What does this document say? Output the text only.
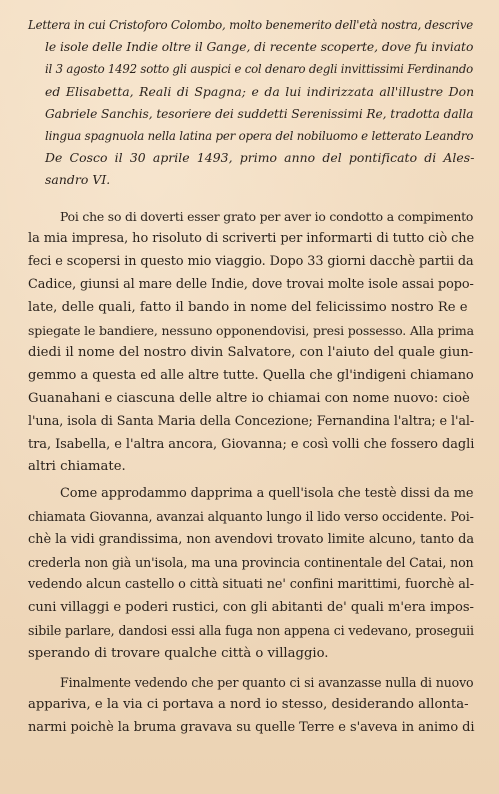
Lettera in cui Cristoforo Colombo, molto benemerito dell'età nostra, descrive
le isole delle Indie oltre il Gange, di recente scoperte, dove fu inviato
il 3 agosto 1492 sotto gli auspici e col denaro degli invittissimi Ferdinando
ed Elisabetta, Reali di Spagna; e da lui indirizzata all'illustre Don
Gabriele Sanchis, tesoriere dei suddetti Serenissimi Re, tradotta dalla
lingua spagnuola nella latina per opera del nobiluomo e letterato Leandro
De Cosco il 30 aprile 1493, primo anno del pontificato di Ales-
sandro VI.

Poi che so di doverti esser grato per aver io condotto a compimento
la mia impresa, ho risoluto di scriverti per informarti di tutto ciò che
feci e scopersi in questo mio viaggio. Dopo 33 giorni dacchè partii da
Cadice, giunsi al mare delle Indie, dove trovai molte isole assai popo-
late, delle quali, fatto il bando in nome del felicissimo nostro Re e
spiegate le bandiere, nessuno opponendovisi, presi possesso. Alla prima
diedi il nome del nostro divin Salvatore, con l'aiuto del quale giun-
gemmo a questa ed alle altre tutte. Quella che gl'indigeni chiamano
Guanahani e ciascuna delle altre io chiamai con nome nuovo: cioè
l'una, isola di Santa Maria della Concezione; Fernandina l'altra; e l'al-
tra, Isabella, e l'altra ancora, Giovanna; e così volli che fossero dagli
altri chiamate.

Come approdammo dapprima a quell'isola che testè dissi da me
chiamata Giovanna, avanzai alquanto lungo il lido verso occidente. Poi-
chè la vidi grandissima, non avendovi trovato limite alcuno, tanto da
crederla non già un'isola, ma una provincia continentale del Catai, non
vedendo alcun castello o città situati ne' confini marittimi, fuorchè al-
cuni villaggi e poderi rustici, con gli abitanti de' quali m'era impos-
sibile parlare, dandosi essi alla fuga non appena ci vedevano, proseguii
sperando di trovare qualche città o villaggio.

Finalmente vedendo che per quanto ci si avanzasse nulla di nuovo
appariva, e la via ci portava a nord io stesso, desiderando allonta-
narmi poichè la bruma gravava su quelle Terre e s'aveva in animo di
